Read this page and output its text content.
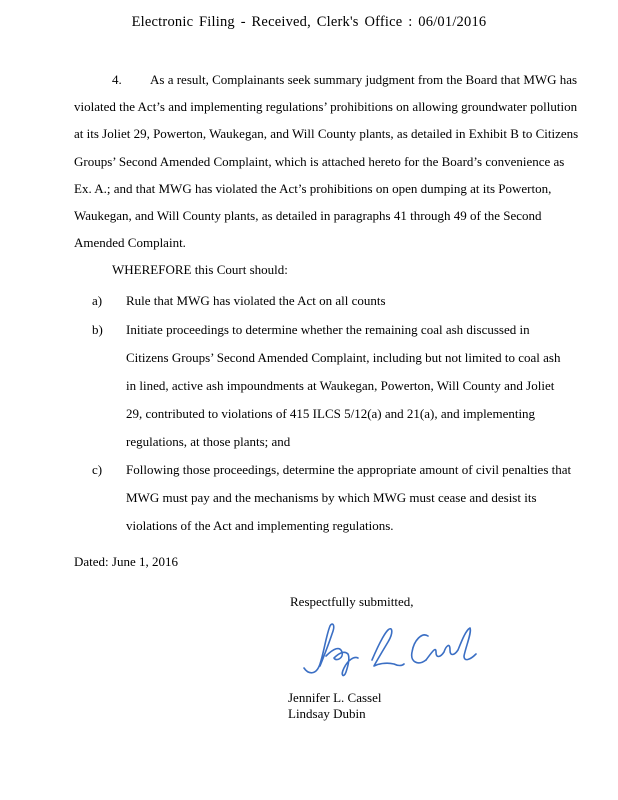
Electronic Filing - Received, Clerk's Office : 06/01/2016
4. As a result, Complainants seek summary judgment from the Board that MWG has
violated the Act’s and implementing regulations’ prohibitions on allowing groundwater pollution
at its Joliet 29, Powerton, Waukegan, and Will County plants, as detailed in Exhibit B to Citizens
Groups’ Second Amended Complaint, which is attached hereto for the Board’s convenience as
Ex. A.; and that MWG has violated the Act’s prohibitions on open dumping at its Powerton,
Waukegan, and Will County plants, as detailed in paragraphs 41 through 49 of the Second
Amended Complaint.
WHEREFORE this Court should:
a)	Rule that MWG has violated the Act on all counts
b)	Initiate proceedings to determine whether the remaining coal ash discussed in
Citizens Groups’ Second Amended Complaint, including but not limited to coal ash
in lined, active ash impoundments at Waukegan, Powerton, Will County and Joliet
29, contributed to violations of 415 ILCS 5/12(a) and 21(a), and implementing
regulations, at those plants; and
c)	Following those proceedings, determine the appropriate amount of civil penalties that
MWG must pay and the mechanisms by which MWG must cease and desist its
violations of the Act and implementing regulations.
Dated: June 1, 2016
Respectfully submitted,
Jennifer L. Cassel
Lindsay Dubin
